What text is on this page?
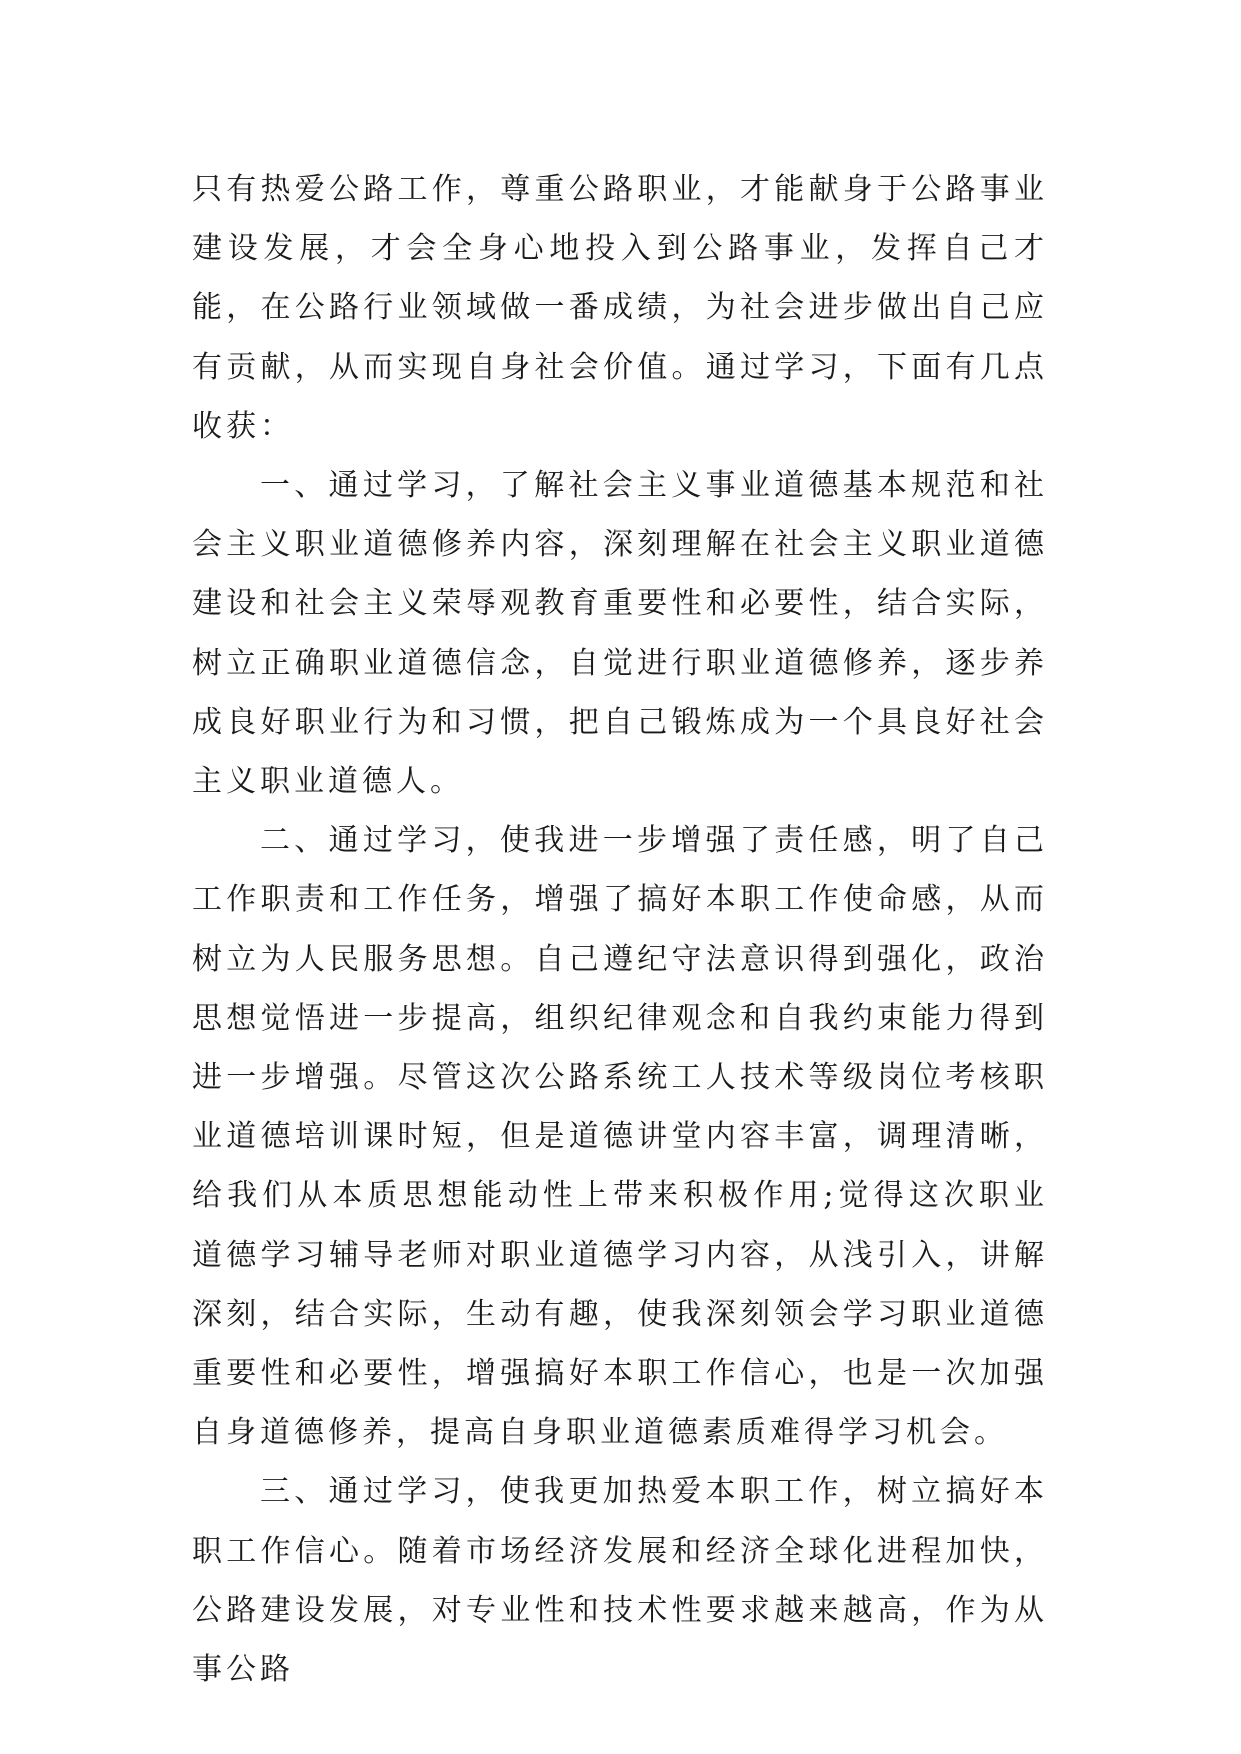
只有热爱公路工作，尊重公路职业，才能献身于公路事业建设发展，才会全身心地投入到公路事业，发挥自己才能，在公路行业领域做一番成绩，为社会进步做出自己应有贡献，从而实现自身社会价值。通过学习，下面有几点收获：

一、通过学习，了解社会主义事业道德基本规范和社会主义职业道德修养内容，深刻理解在社会主义职业道德建设和社会主义荣辱观教育重要性和必要性，结合实际，树立正确职业道德信念，自觉进行职业道德修养，逐步养成良好职业行为和习惯，把自己锻炼成为一个具良好社会主义职业道德人。

二、通过学习，使我进一步增强了责任感，明了自己工作职责和工作任务，增强了搞好本职工作使命感，从而树立为人民服务思想。自己遵纪守法意识得到强化，政治思想觉悟进一步提高，组织纪律观念和自我约束能力得到进一步增强。尽管这次公路系统工人技术等级岗位考核职业道德培训课时短，但是道德讲堂内容丰富，调理清晰，给我们从本质思想能动性上带来积极作用;觉得这次职业道德学习辅导老师对职业道德学习内容，从浅引入，讲解深刻，结合实际，生动有趣，使我深刻领会学习职业道德重要性和必要性，增强搞好本职工作信心，也是一次加强自身道德修养，提高自身职业道德素质难得学习机会。

三、通过学习，使我更加热爱本职工作，树立搞好本职工作信心。随着市场经济发展和经济全球化进程加快，公路建设发展，对专业性和技术性要求越来越高，作为从事公路
